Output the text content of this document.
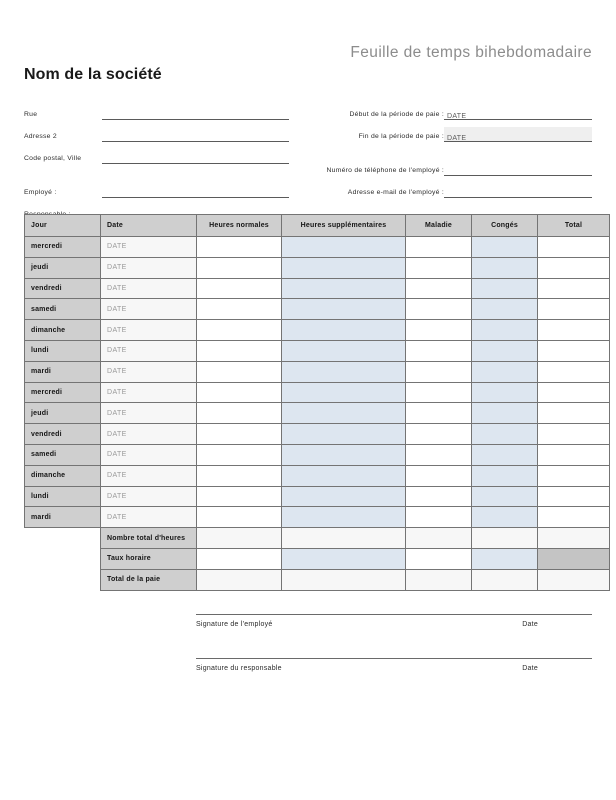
Feuille de temps bihebdomadaire
Nom de la société
Rue
Adresse 2
Code postal, Ville
Employé :
Début de la période de paie : DATE
Fin de la période de paie : DATE
Numéro de téléphone de l'employé :
Adresse e-mail de l'employé :
Jour	Date	Heures normales	Heures supplémentaires	Maladie	Congés	Total
mercredi	DATE					
jeudi	DATE					
vendredi	DATE					
samedi	DATE					
dimanche	DATE					
lundi	DATE					
mardi	DATE					
mercredi	DATE					
jeudi	DATE					
vendredi	DATE					
samedi	DATE					
dimanche	DATE					
lundi	DATE					
mardi	DATE					
	Nombre total d'heures					
	Taux horaire					
	Total de la paie					
Signature de l'employé	Date
Signature du responsable	Date
